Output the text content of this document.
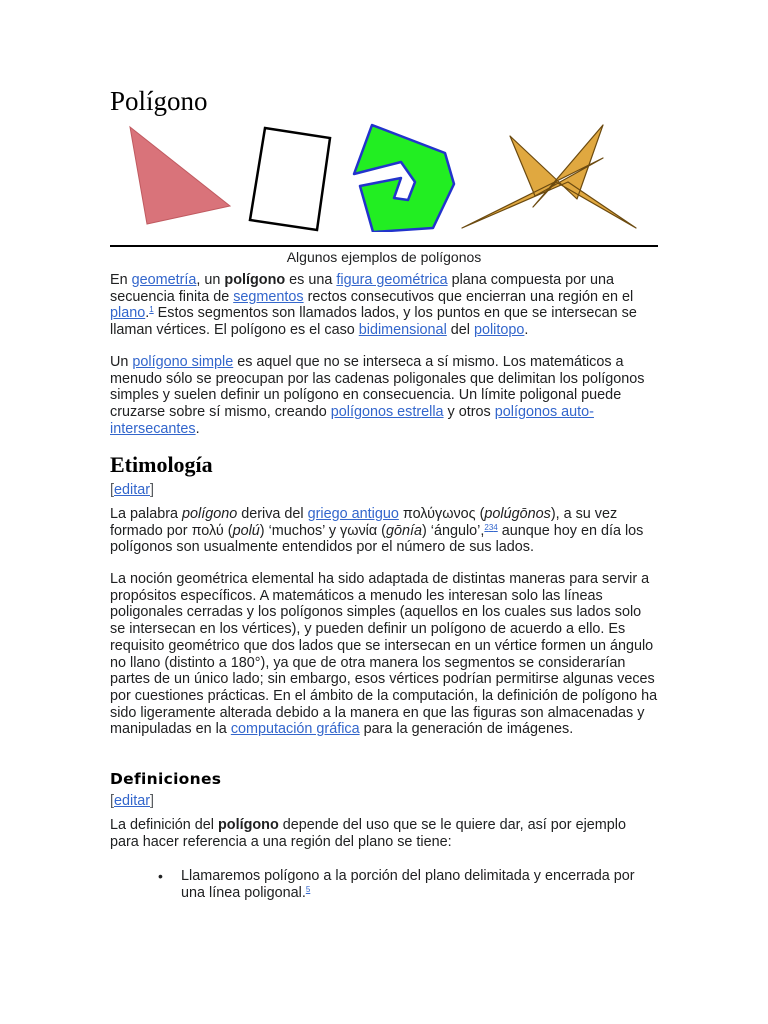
Polígono
Algunos ejemplos de polígonos

En geometría, un polígono es una figura geométrica plana compuesta por una secuencia finita de segmentos rectos consecutivos que encierran una región en el plano.$^1$ Estos segmentos son llamados lados, y los puntos en que se intersecan se llaman vértices. El polígono es el caso bidimensional del politopo.

Un polígono simple es aquel que no se interseca a sí mismo. Los matemáticos a menudo sólo se preocupan por las cadenas poligonales que delimitan los polígonos simples y suelen definir un polígono en consecuencia. Un límite poligonal puede cruzarse sobre sí mismo, creando polígonos estrella y otros polígonos auto-intersecantes.

Etimología
[editar]

La palabra polígono deriva del griego antiguo πολύγωνος (polúgōnos), a su vez formado por πολύ (polú) ‘muchos’ y γωνία (gōnía) ‘ángulo’,$^{234}$ aunque hoy en día los polígonos son usualmente entendidos por el número de sus lados.

La noción geométrica elemental ha sido adaptada de distintas maneras para servir a propósitos específicos. A matemáticos a menudo les interesan solo las líneas poligonales cerradas y los polígonos simples (aquellos en los cuales sus lados solo se intersecan en los vértices), y pueden definir un polígono de acuerdo a ello. Es requisito geométrico que dos lados que se intersecan en un vértice formen un ángulo no llano (distinto a 180°), ya que de otra manera los segmentos se considerarían partes de un único lado; sin embargo, esos vértices podrían permitirse algunas veces por cuestiones prácticas. En el ámbito de la computación, la definición de polígono ha sido ligeramente alterada debido a la manera en que las figuras son almacenadas y manipuladas en la computación gráfica para la generación de imágenes.

Definiciones
[editar]

La definición del polígono depende del uso que se le quiere dar, así por ejemplo para hacer referencia a una región del plano se tiene:

• Llamaremos polígono a la porción del plano delimitada y encerrada por una línea poligonal.$^5$
